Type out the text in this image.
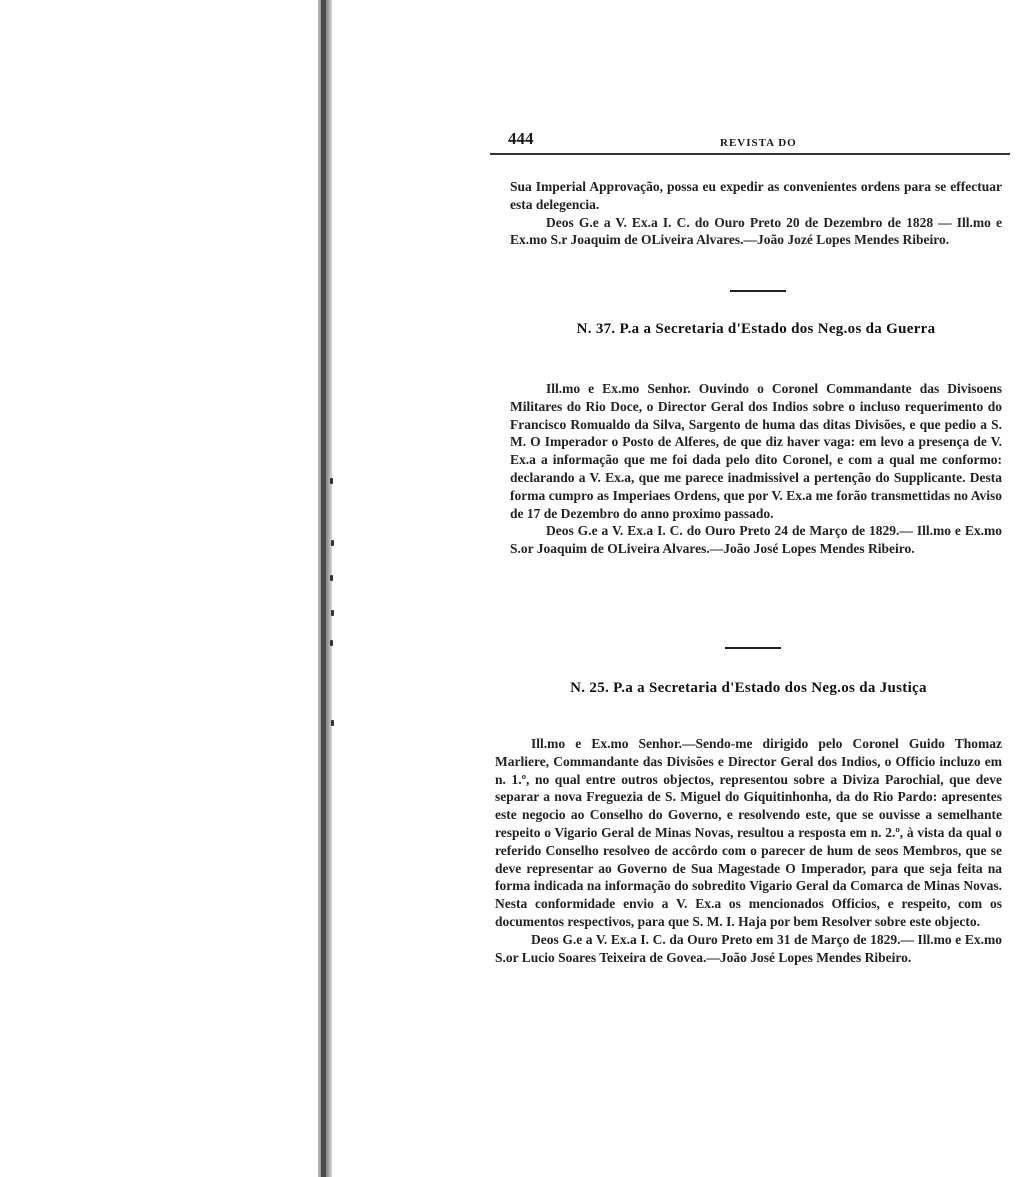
444	REVISTA DO

Sua Imperial Approvação, possa eu expedir as convenientes ordens para se effectuar esta delegencia.

Deos G.e a V. Ex.a I. C. do Ouro Preto 20 de Dezembro de 1828 — Ill.mo e Ex.mo S.r Joaquim de OLiveira Alvares.—João Jozé Lopes Mendes Ribeiro.

N. 37. P.a a Secretaria d'Estado dos Neg.os da Guerra

Ill.mo e Ex.mo Senhor. Ouvindo o Coronel Commandante das Divisoens Militares do Rio Doce, o Director Geral dos Indios sobre o incluso requerimento do Francisco Romualdo da Silva, Sargento de huma das ditas Divisões, e que pedio a S. M. O Imperador o Posto de Alferes, de que diz haver vaga: em levo a presença de V. Ex.a a informação que me foi dada pelo dito Coronel, e com a qual me conformo: declarando a V. Ex.a, que me parece inadmissivel a pertenção do Supplicante. Desta forma cumpro as Imperiaes Ordens, que por V. Ex.a me forão transmettidas no Aviso de 17 de Dezembro do anno proximo passado.

Deos G.e a V. Ex.a I. C. do Ouro Preto 24 de Março de 1829.— Ill.mo e Ex.mo S.or Joaquim de OLiveira Alvares.—João José Lopes Mendes Ribeiro.

N. 25. P.a a Secretaria d'Estado dos Neg.os da Justiça

Ill.mo e Ex.mo Senhor.—Sendo-me dirigido pelo Coronel Guido Thomaz Marliere, Commandante das Divisões e Director Geral dos Indios, o Officio incluzo em n. 1.º, no qual entre outros objectos, representou sobre a Diviza Parochial, que deve separar a nova Freguezia de S. Miguel do Giquitinhonha, da do Rio Pardo: apresentes este negocio ao Conselho do Governo, e resolvendo este, que se ouvisse a semelhante respeito o Vigario Geral de Minas Novas, resultou a resposta em n. 2.º, à vista da qual o referido Conselho resolveo de accôrdo com o parecer de hum de seos Membros, que se deve representar ao Governo de Sua Magestade O Imperador, para que seja feita na forma indicada na informação do sobredito Vigario Geral da Comarca de Minas Novas. Nesta conformidade envio a V. Ex.a os mencionados Officios, e respeito, com os documentos respectivos, para que S. M. I. Haja por bem Resolver sobre este objecto.

Deos G.e a V. Ex.a I. C. da Ouro Preto em 31 de Março de 1829.— Ill.mo e Ex.mo S.or Lucio Soares Teixeira de Govea.—João José Lopes Mendes Ribeiro.
